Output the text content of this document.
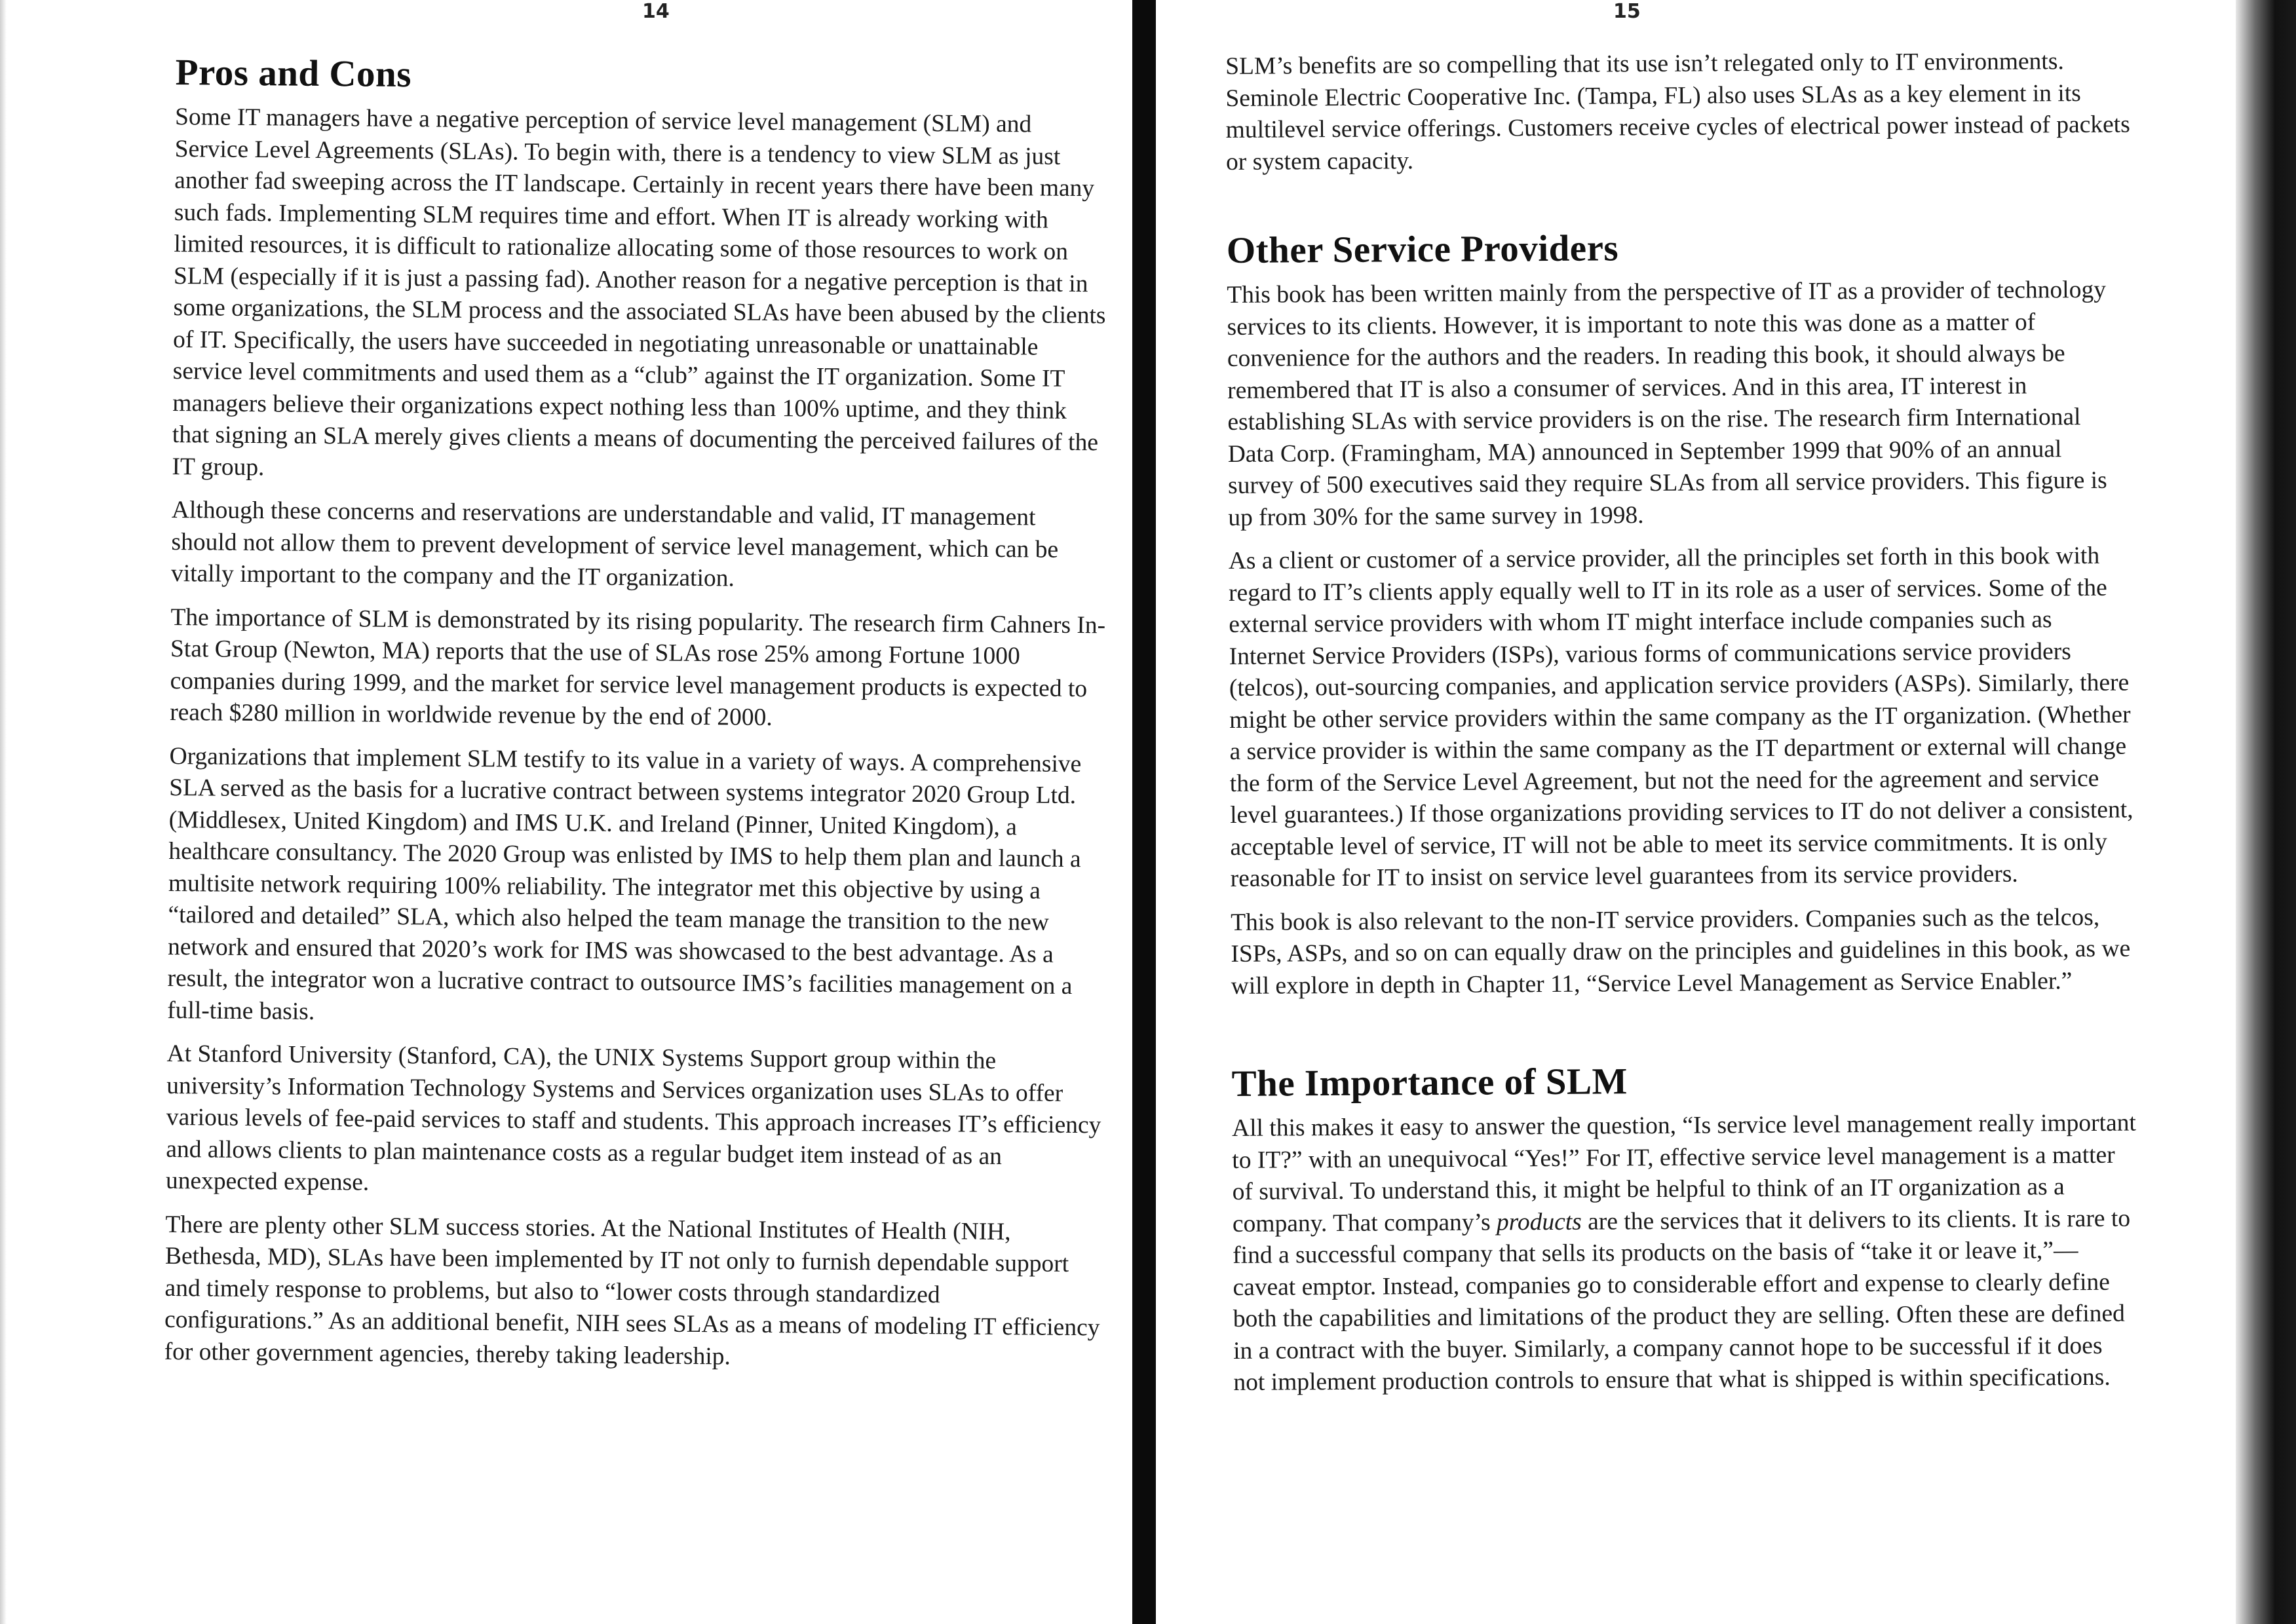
14	15
Pros and Cons

Some IT managers have a negative perception of service level management (SLM) and Service Level Agreements (SLAs). To begin with, there is a tendency to view SLM as just another fad sweeping across the IT landscape. Certainly in recent years there have been many such fads. Implementing SLM requires time and effort. When IT is already working with limited resources, it is difficult to rationalize allocating some of those resources to work on SLM (especially if it is just a passing fad). Another reason for a negative perception is that in some organizations, the SLM process and the associated SLAs have been abused by the clients of IT. Specifically, the users have succeeded in negotiating unreasonable or unattainable service level commitments and used them as a “club” against the IT organization. Some IT managers believe their organizations expect nothing less than 100% uptime, and they think that signing an SLA merely gives clients a means of documenting the perceived failures of the IT group.

Although these concerns and reservations are understandable and valid, IT management should not allow them to prevent development of service level management, which can be vitally important to the company and the IT organization.

The importance of SLM is demonstrated by its rising popularity. The research firm Cahners In-Stat Group (Newton, MA) reports that the use of SLAs rose 25% among Fortune 1000 companies during 1999, and the market for service level management products is expected to reach $280 million in worldwide revenue by the end of 2000.

Organizations that implement SLM testify to its value in a variety of ways. A comprehensive SLA served as the basis for a lucrative contract between systems integrator 2020 Group Ltd. (Middlesex, United Kingdom) and IMS U.K. and Ireland (Pinner, United Kingdom), a healthcare consultancy. The 2020 Group was enlisted by IMS to help them plan and launch a multisite network requiring 100% reliability. The integrator met this objective by using a “tailored and detailed” SLA, which also helped the team manage the transition to the new network and ensured that 2020’s work for IMS was showcased to the best advantage. As a result, the integrator won a lucrative contract to outsource IMS’s facilities management on a full-time basis.

At Stanford University (Stanford, CA), the UNIX Systems Support group within the university’s Information Technology Systems and Services organization uses SLAs to offer various levels of fee-paid services to staff and students. This approach increases IT’s efficiency and allows clients to plan maintenance costs as a regular budget item instead of as an unexpected expense.

There are plenty other SLM success stories. At the National Institutes of Health (NIH, Bethesda, MD), SLAs have been implemented by IT not only to furnish dependable support and timely response to problems, but also to “lower costs through standardized configurations.” As an additional benefit, NIH sees SLAs as a means of modeling IT efficiency for other government agencies, thereby taking leadership.

SLM’s benefits are so compelling that its use isn’t relegated only to IT environments. Seminole Electric Cooperative Inc. (Tampa, FL) also uses SLAs as a key element in its multilevel service offerings. Customers receive cycles of electrical power instead of packets or system capacity.

Other Service Providers

This book has been written mainly from the perspective of IT as a provider of technology services to its clients. However, it is important to note this was done as a matter of convenience for the authors and the readers. In reading this book, it should always be remembered that IT is also a consumer of services. And in this area, IT interest in establishing SLAs with service providers is on the rise. The research firm International Data Corp. (Framingham, MA) announced in September 1999 that 90% of an annual survey of 500 executives said they require SLAs from all service providers. This figure is up from 30% for the same survey in 1998.

As a client or customer of a service provider, all the principles set forth in this book with regard to IT’s clients apply equally well to IT in its role as a user of services. Some of the external service providers with whom IT might interface include companies such as Internet Service Providers (ISPs), various forms of communications service providers (telcos), out-sourcing companies, and application service providers (ASPs). Similarly, there might be other service providers within the same company as the IT organization. (Whether a service provider is within the same company as the IT department or external will change the form of the Service Level Agreement, but not the need for the agreement and service level guarantees.) If those organizations providing services to IT do not deliver a consistent, acceptable level of service, IT will not be able to meet its service commitments. It is only reasonable for IT to insist on service level guarantees from its service providers.

This book is also relevant to the non-IT service providers. Companies such as the telcos, ISPs, ASPs, and so on can equally draw on the principles and guidelines in this book, as we will explore in depth in Chapter 11, “Service Level Management as Service Enabler.”

The Importance of SLM

All this makes it easy to answer the question, “Is service level management really important to IT?” with an unequivocal “Yes!” For IT, effective service level management is a matter of survival. To understand this, it might be helpful to think of an IT organization as a company. That company’s products are the services that it delivers to its clients. It is rare to find a successful company that sells its products on the basis of “take it or leave it,”—caveat emptor. Instead, companies go to considerable effort and expense to clearly define both the capabilities and limitations of the product they are selling. Often these are defined in a contract with the buyer. Similarly, a company cannot hope to be successful if it does not implement production controls to ensure that what is shipped is within specifications.
